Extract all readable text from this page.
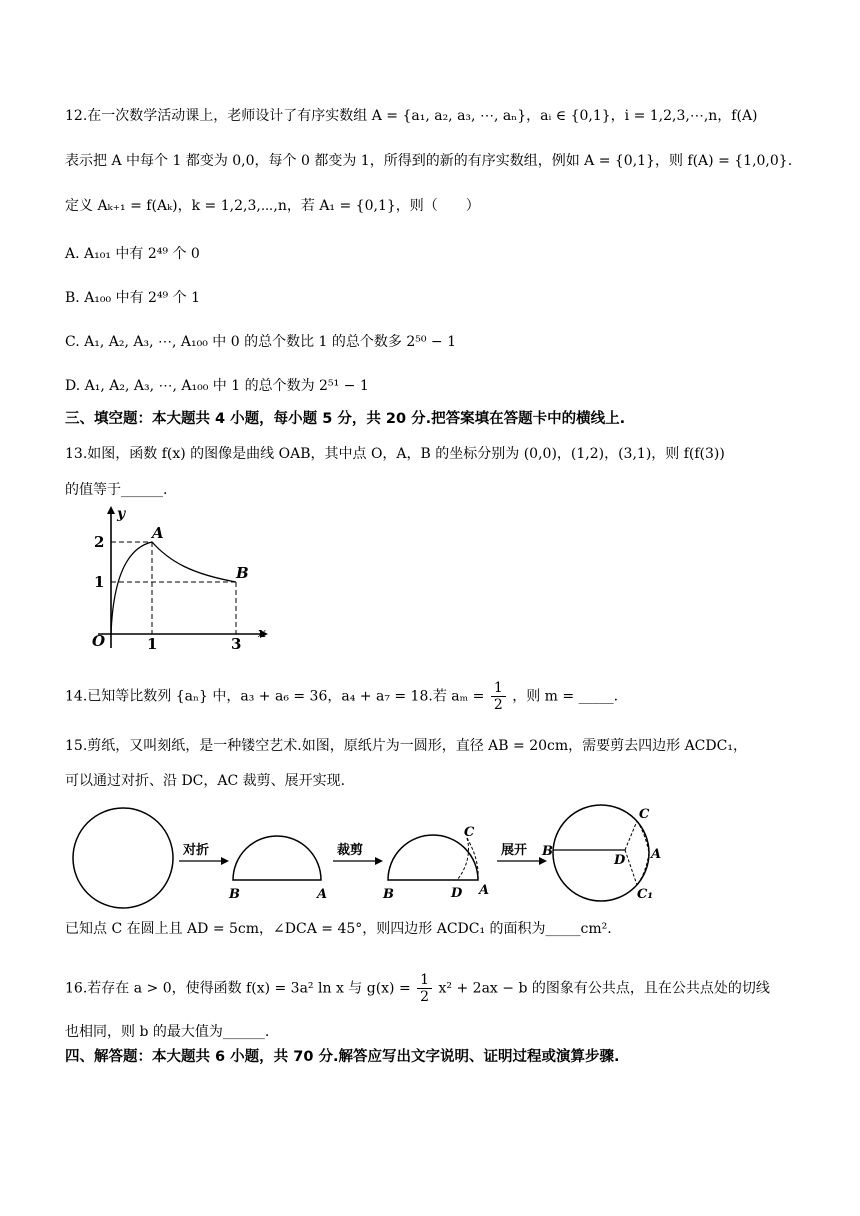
12.在一次数学活动课上，老师设计了有序实数组 A = {a₁, a₂, a₃, ⋯, aₙ}，aᵢ ∈ {0,1}，i = 1,2,3,⋯,n，f(A)
表示把 A 中每个 1 都变为 0,0，每个 0 都变为 1，所得到的新的有序实数组，例如 A = {0,1}，则 f(A) = {1,0,0}.
定义 Aₖ₊₁ = f(Aₖ)，k = 1,2,3,⋯,n，若 A₁ = {0,1}，则（　　）
A. A₁₀₁ 中有 2⁴⁹ 个 0
B. A₁₀₀ 中有 2⁴⁹ 个 1
C. A₁, A₂, A₃, ⋯, A₁₀₀ 中 0 的总个数比 1 的总个数多 2⁵⁰ − 1
D. A₁, A₂, A₃, ⋯, A₁₀₀ 中 1 的总个数为 2⁵¹ − 1
三、填空题：本大题共 4 小题，每小题 5 分，共 20 分.把答案填在答题卡中的横线上.
13.如图，函数 f(x) 的图像是曲线 OAB，其中点 O，A，B 的坐标分别为 (0,0)，(1,2)，(3,1)，则 f(f(3))
的值等于______.
y
x
O	1	3
2
1
A
B
14.已知等比数列 {aₙ} 中，a₃ + a₆ = 36，a₄ + a₇ = 18.若 $a_m = \frac{1}{2}$ ，则 m = _____.
15.剪纸，又叫刻纸，是一种镂空艺术.如图，原纸片为一圆形，直径 AB = 20cm，需要剪去四边形 ACDC₁，
可以通过对折、沿 DC，AC 裁剪、展开实现.
对折
B	A
裁剪
B	D
C
A
展开 B
D
C
A
C₁
已知点 C 在圆上且 AD = 5cm，∠DCA = 45°，则四边形 ACDC₁ 的面积为_____cm².
16.若存在 a > 0，使得函数 f(x) = 3a² ln x 与 $g(x) = \frac{1}{2} x^2 + 2ax - b$ 的图象有公共点，且在公共点处的切线
也相同，则 b 的最大值为______.
四、解答题：本大题共 6 小题，共 70 分.解答应写出文字说明、证明过程或演算步骤.
